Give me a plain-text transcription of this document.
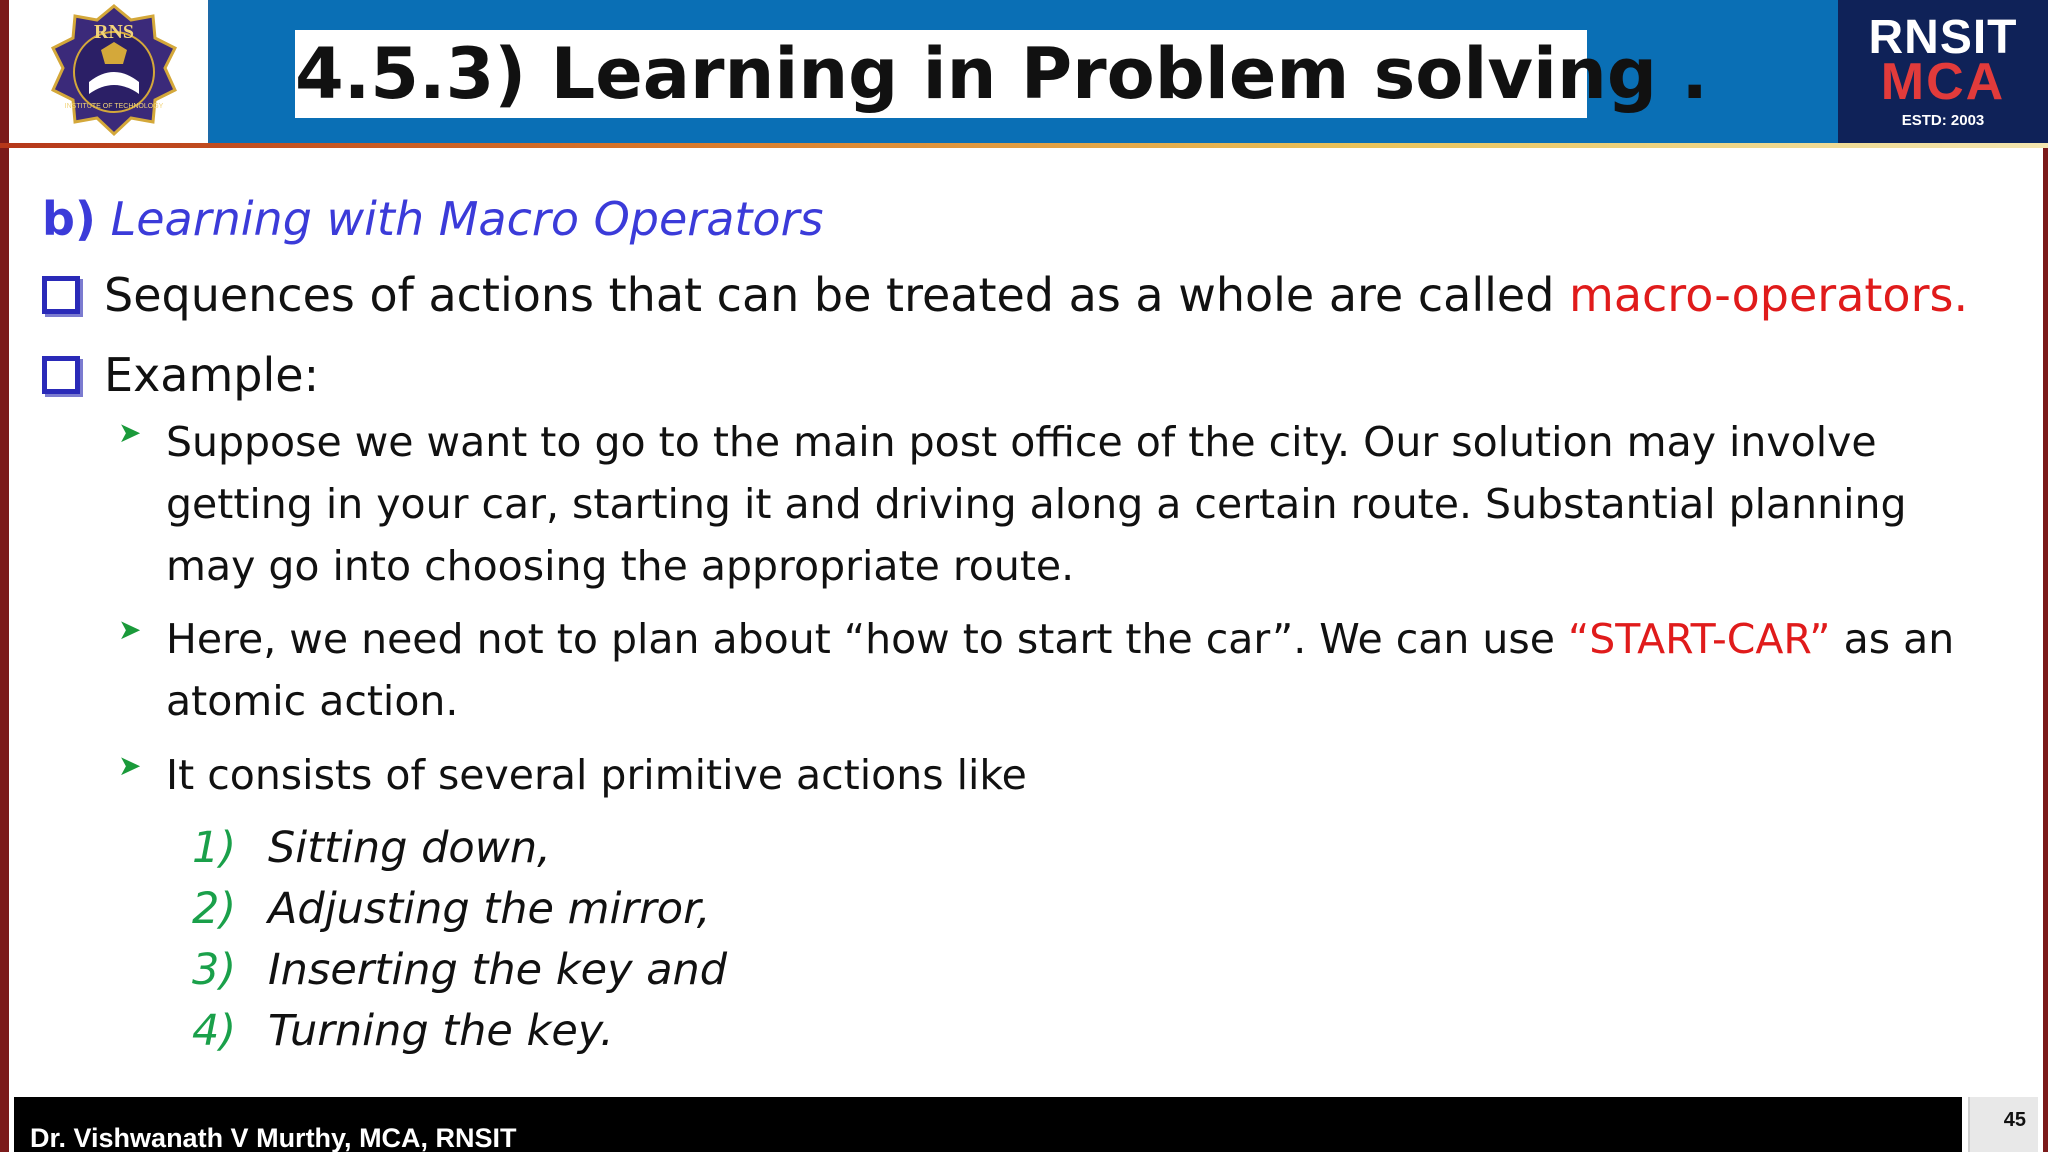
RNS
INSTITUTE OF TECHNOLOGY 4.5.3) Learning in Problem solving .	RNSIT
MCA
ESTD: 2003
b) Learning with Macro Operators
Sequences of actions that can be treated as a whole are called macro-operators.
Example:
➤ Suppose we want to go to the main post office of the city. Our solution may involve
getting in your car, starting it and driving along a certain route. Substantial planning
may go into choosing the appropriate route.
➤ Here, we need not to plan about “how to start the car”. We can use “START-CAR” as an
atomic action.
➤ It consists of several primitive actions like
1) Sitting down,
2) Adjusting the mirror,
3) Inserting the key and
4) Turning the key.
Dr. Vishwanath V Murthy, MCA, RNSIT
45
